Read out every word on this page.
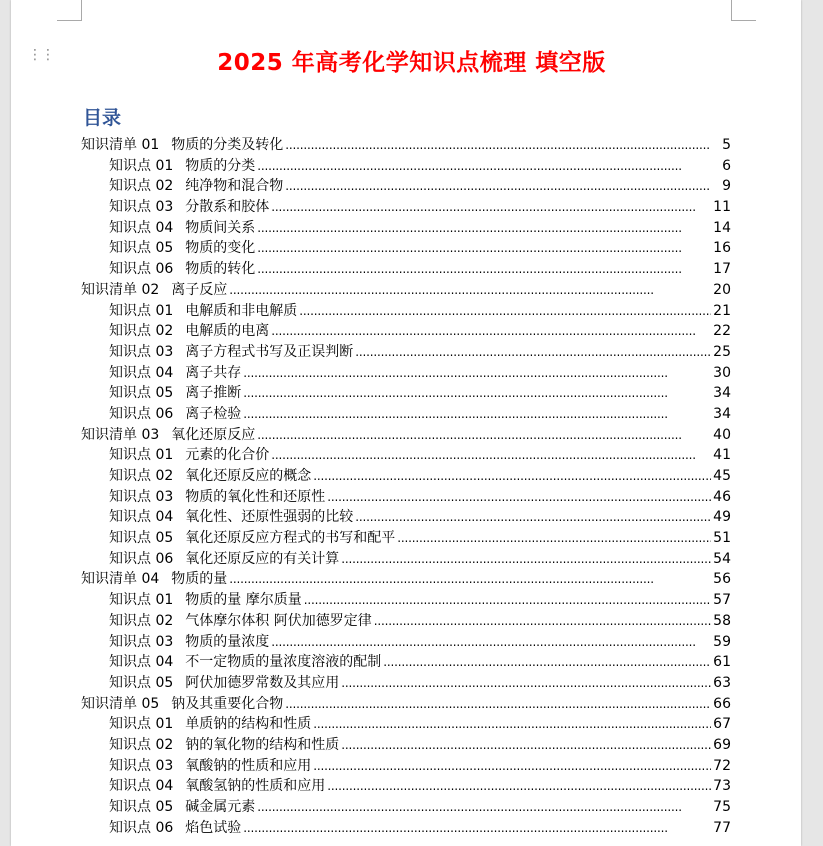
⋮⋮	2025 年高考化学知识点梳理 填空版
目录
知识清单 01 物质的分类及转化 . . .	5
知识点 01 物质的分类 . . .	6
知识点 02 纯净物和混合物 . . .	9
知识点 03 分散系和胶体 . . .	11
知识点 04 物质间关系 . . .	14
知识点 05 物质的变化 . . .	16
知识点 06 物质的转化 . . .	17
知识清单 02 离子反应 . . .	20
知识点 01 电解质和非电解质 . . .	21
知识点 02 电解质的电离 . . .	22
知识点 03 离子方程式书写及正误判断 . . .	25
知识点 04 离子共存 . . .	30
知识点 05 离子推断 . . .	34
知识点 06 离子检验 . . .	34
知识清单 03 氧化还原反应 . . .	40
知识点 01 元素的化合价 . . .	41
知识点 02 氧化还原反应的概念 . . .	45
知识点 03 物质的氧化性和还原性 . . .	46
知识点 04 氧化性、还原性强弱的比较 . . .	49
知识点 05 氧化还原反应方程式的书写和配平 . . .	51
知识点 06 氧化还原反应的有关计算 . . .	54
知识清单 04 物质的量 . . .	56
知识点 01 物质的量 摩尔质量 . . .	57
知识点 02 气体摩尔体积 阿伏加德罗定律 . . .	58
知识点 03 物质的量浓度 . . .	59
知识点 04 不一定物质的量浓度溶液的配制 . . .	61
知识点 05 阿伏加德罗常数及其应用 . . .	63
知识清单 05 钠及其重要化合物 . . .	66
知识点 01 单质钠的结构和性质 . . .	67
知识点 02 钠的氧化物的结构和性质 . . .	69
知识点 03 氧酸钠的性质和应用 . . .	72
知识点 04 氧酸氢钠的性质和应用 . . .	73
知识点 05 碱金属元素 . . .	75
知识点 06 焰色试验 . . .	77
